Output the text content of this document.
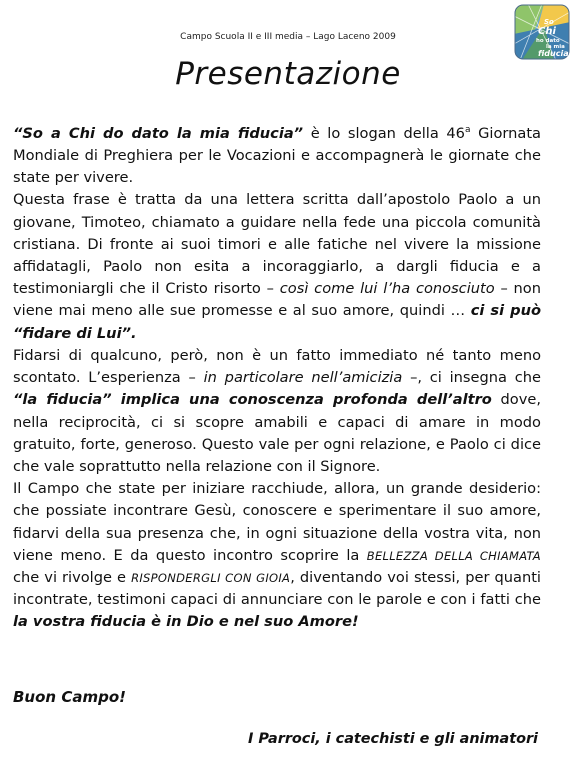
Campo Scuola II e III media – Lago Laceno 2009
So
Chi
ho dato
la mia
fiducia
Presentazione

“So a Chi do dato la mia fiducia” è lo slogan della 46$^a$ Giornata Mondiale di Preghiera per le Vocazioni e accompagnerà le giornate che state per vivere.

Questa frase è tratta da una lettera scritta dall’apostolo Paolo a un giovane, Timoteo, chiamato a guidare nella fede una piccola comunità cristiana. Di fronte ai suoi timori e alle fatiche nel vivere la missione affidatagli, Paolo non esita a incoraggiarlo, a dargli fiducia e a testimoniargli che il Cristo risorto – così come lui l’ha conosciuto – non viene mai meno alle sue promesse e al suo amore, quindi … ci si può “fidare di Lui”.

Fidarsi di qualcuno, però, non è un fatto immediato né tanto meno scontato. L’esperienza – in particolare nell’amicizia –, ci insegna che “la fiducia” implica una conoscenza profonda dell’altro dove, nella reciprocità, ci si scopre amabili e capaci di amare in modo gratuito, forte, generoso. Questo vale per ogni relazione, e Paolo ci dice che vale soprattutto nella relazione con il Signore.

Il Campo che state per iniziare racchiude, allora, un grande desiderio: che possiate incontrare Gesù, conoscere e sperimentare il suo amore, fidarvi della sua presenza che, in ogni situazione della vostra vita, non viene meno. E da questo incontro scoprire la BELLEZZA DELLA CHIAMATA che vi rivolge e RISPONDERGLI CON GIOIA, diventando voi stessi, per quanti incontrate, testimoni capaci di annunciare con le parole e con i fatti che la vostra fiducia è in Dio e nel suo Amore!

Buon Campo!
I Parroci, i catechisti e gli animatori
